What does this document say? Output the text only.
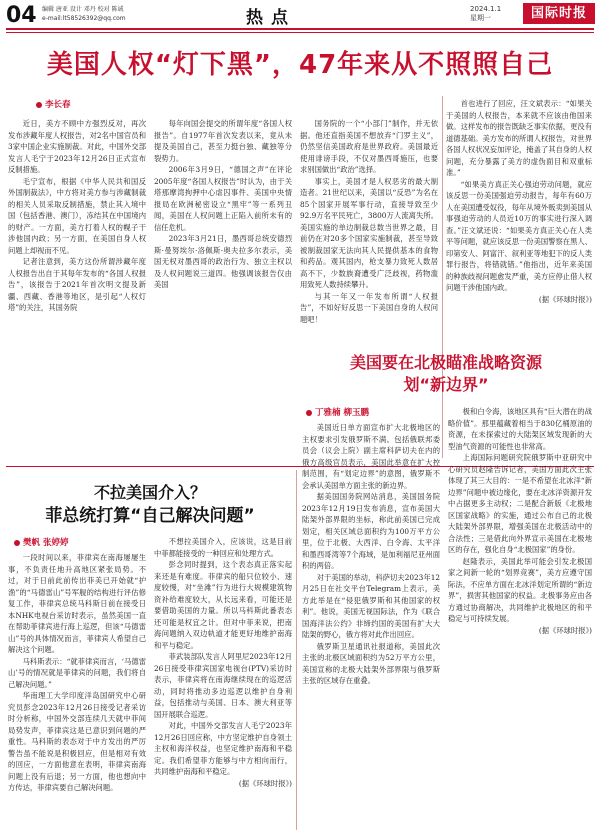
04 编辑 唐亚 设计 邓丹 校对 陈诚
e-mail:lt58526392@qq.com	热点	2024.1.1
星期一	国际时报
美国人权“灯下黑”，47年来从不照照自己
李长春

近日，美方不顾中方强烈反对，再次发布涉藏年度人权报告，对2名中国官员和3家中国企业实施制裁。对此，中国外交部发言人毛宁于2023年12月26日正式宣布反制措施。

毛宁宣布，根据《中华人民共和国反外国制裁法》，中方将对美方参与涉藏制裁的相关人员采取反制措施，禁止其入境中国（包括香港、澳门），冻结其在中国境内的财产。一方面，美方打着人权的幌子干涉他国内政；另一方面，在美国自身人权问题上却视而不见。

记者注意到，美方这份所谓涉藏年度人权报告出自于其每年发布的“各国人权报告”，该报告于2021年首次明文提及新疆、西藏、香港等地区，是引起“人权灯塔”的关注，其国务院

每年向国会提交的所谓年度“各国人权报告”。自1977年首次发表以来，竟从未提及美国自己，甚至力挺台独、藏独等分裂势力。

2006年3月9日，“德国之声”在评论2005年度“各国人权报告”时认为，由于关塔那摩湾拘押中心虐囚事件、美国中央情报局在欧洲秘密设立“黑牢”等一系列丑闻，美国在人权问题上正陷入前所未有的信任危机。

2023年3月21日，墨西哥总统安德烈斯·曼努埃尔·洛佩斯·奥夫拉多尔表示，美国无权对墨西哥的政治行为、独立主权以及人权问题说三道四。他强调该报告仅由美国

国务院的一个“小部门”制作，并无依据。他还直指美国不想放弃“门罗主义”，仍然坚信美国政府是世界政府。美国最近使用诽谤手段，不仅对墨西哥施压，也要求别国做出“政治”选择。

事实上，美国才是人权恶劣的最大制造者。21世纪以来，美国以“反恐”为名在85个国家开展军事行动，直接导致至少92.9万名平民死亡，3800万人流离失所。美国实施的单边制裁总数当世界之最，目前仍在对20多个国家实施制裁，甚至导致被制裁国家无法向其人民提供基本的食物和药品。观其国内，枪支暴力致死人数居高不下，少数族裔遭受广泛歧视，药物滥用致死人数持续攀升。

与其一年又一年发布所谓“人权报告”，不如好好反思一下美国自身的人权问题吧！

首也进行了回应，汪文斌表示：“如果关于美国的人权报告，本来就不应该由他国来做。这样发布的报告既缺乏事实依据，更没有道德基础。美方发布的所谓人权报告，对世界各国人权状况妄加评论，掩盖了其自身的人权问题，充分暴露了美方的虚伪面目和双重标准。”

“如果美方真正关心强迫劳动问题，就应该反思一份美国强迫劳动报告，每年有60万人在美国遭受奴役，每年从境外贩卖到美国从事强迫劳动的人员近10万的事实进行深入调查。”汪文斌还说：“如果美方真正关心在人类平等问题，就应该反思一份美国警察在黑人、印第安人、阿富汗、叙利亚等地犯下的反人类罪行报告，将错就错。”他指出，近年来美国的种族歧视问题愈发严重，美方应停止借人权问题干涉他国内政。

(据《环球时报》)

不拉美国介入？
菲总统打算“自己解决问题”
樊帆 张婷婷

一段时间以来，菲律宾在南海屡屡生事，不负责任地升高地区紧张局势。不过，对于日前此前传出菲美已开始就“护渔”的“马德雷山”号军舰的结构进行评估修复工作，菲律宾总统马科斯日前在接受日本NHK电视台采访时表示，虽然美国一直在帮助菲律宾进行海上巡逻，但该“马德雷山”号的具体情况而言，菲律宾人希望自己解决这个问题。

马科斯表示：“就菲律宾而言，‘马德雷山’号的情况就是菲律宾的问题，我们将自己解决问题。”

华南理工大学印度洋岛国研究中心研究员彭念2023年12月26日接受记者采访时分析称，中国外交部连续几天就中菲间局势发声，菲律宾这是已意识到问题的严重性。马科斯的表态对于中方发出的严厉警告虽不能说是积极回应，但是相对有效的回应，一方面他意在表明，菲律宾南海问题上没有后退；另一方面，他也想向中方传达，菲律宾要自己解决问题。

不想拉美国介入，应该说，这是目前中菲都能接受的一种回应和处理方式。

彭念同时提到，这个表态真正落实起来还是有难度。菲律宾的船只位较小、速度较慢，对“坐滩”行为进行大规模建筑物资补给难度较大，从长远来看，可能还是要借助美国的力量。所以马科斯此番表态还可能是权宜之计。但对中菲来说，把南海问题纳入双边轨道才能更好地维护南海和平与稳定。

菲武装部队发言人阿里尼2023年12月26日接受菲律宾国家电视台(PTV)采访时表示，菲律宾将在南海继续现在的巡逻活动，同时将推动多边巡逻以维护自身利益，包括推动与美国、日本、澳大利亚等国开展联合巡逻。

对此，中国外交部发言人毛宁2023年12月26日回应称，中方坚定维护自身领土主权和海洋权益，也坚定维护南海和平稳定。我们希望菲方能够与中方相向而行，共同维护南海和平稳定。

(据《环球时报》)

美国要在北极瞄准战略资源
划“新边界”
丁雅楠 柳玉鹏

美国近日单方面宣布扩大北极地区的主权要求引发俄罗斯不满。包括俄联邦委员会（议会上院）副主席科萨切夫在内的俄方高级官员表示，美国此举意在扩大控制范围，有“划定边界”的意图，俄罗斯不会承认美国单方面主张的新边界。

据美国国务院网站消息，美国国务院2023年12月19日发布消息，宣布美国大陆架外部界限的坐标，称此前美国已完成划定，相关区域总面积约为100万平方公里，位于北极、大西洋、白令海、太平洋和墨西哥湾等7个海域，是加利福尼亚州面积的两倍。

对于美国的举动，科萨切夫2023年12月25日在社交平台Telegram上表示，美方此举是在“侵犯俄罗斯和其他国家的权利”。他说，美国无视国际法，作为《联合国海洋法公约》非缔约国的美国有扩大大陆架的野心，俄方将对此作出回应。

俄罗斯卫星通讯社报道称，美国此次主张的北极区域面积约为52万平方公里，美国宣称的北极大陆架外部界限与俄罗斯主张的区域存在重叠。

极和白令海，该地区具有“巨大潜在的战略价值”。那里蕴藏着相当于830亿桶原油的资源，在未探索过的大陆架区域发现新的大型油气资源的可能性也非常高。

上海国际问题研究院俄罗斯中亚研究中心研究员赵隆告诉记者，美国方面此次主张体现了其三大目的：一是不希望在北冰洋“新边界”问题中被边缘化，要在北冰洋资源开发中占据更多主动权；二是配合新版《北极地区国家战略》的实施，通过公布自己的北极大陆架外部界限，增强美国在北极活动中的合法性；三是借此向外界宣示美国在北极地区的存在，强化自身“北极国家”的身份。

赵隆表示，美国此举可能会引发北极国家之间新一轮的“划界竞赛”，美方应遵守国际法，不应单方面在北冰洋划定所谓的“新边界”，损害其他国家的权益。北极事务应由各方通过协商解决，共同维护北极地区的和平稳定与可持续发展。

(据《环球时报》)
